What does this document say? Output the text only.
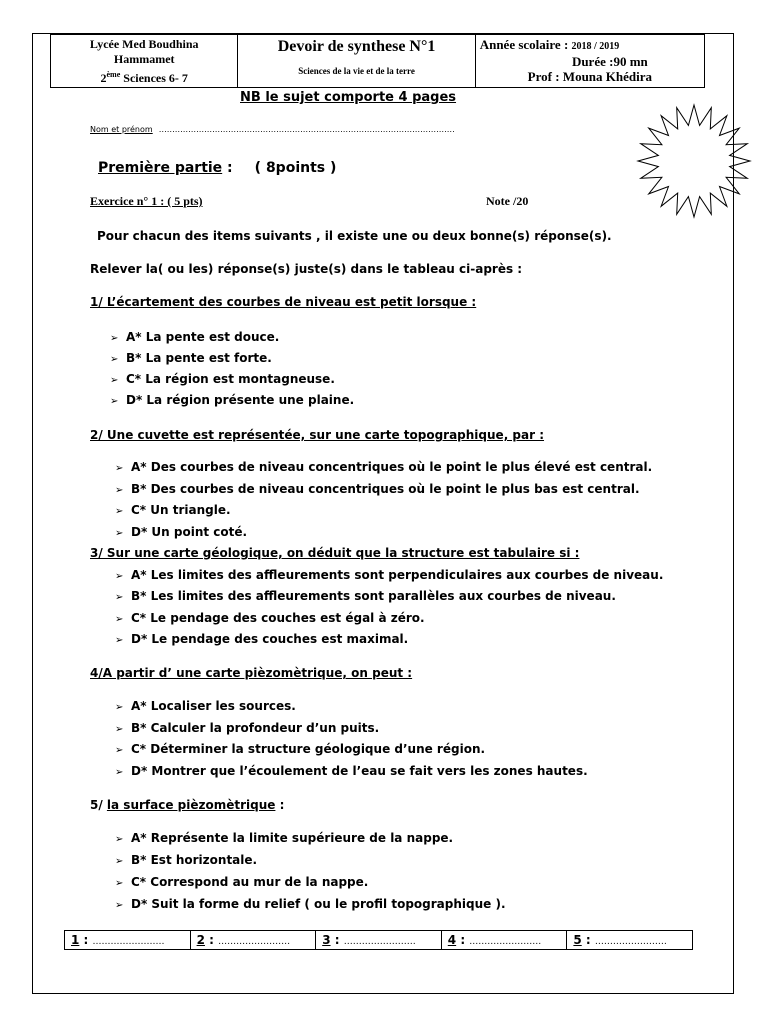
Lycée Med Boudhina
Hammamet
2ème Sciences 6- 7
Devoir de synthese N°1
Sciences de la vie et de la terre
Année scolaire : 2018 / 2019
Durée :90 mn
Prof : Mouna Khédira
NB le sujet comporte 4 pages
Nom et prénom …………………………………………………………………………………………………
Première partie : ( 8points )
Exercice n° 1 : ( 5 pts)	Note /20
Pour chacun des items suivants , il existe une ou deux bonne(s) réponse(s).
Relever la( ou les) réponse(s) juste(s) dans le tableau ci-après :
1/ L’écartement des courbes de niveau est petit lorsque :
➢ A* La pente est douce.
➢ B* La pente est forte.
➢ C* La région est montagneuse.
➢ D* La région présente une plaine.
2/ Une cuvette est représentée, sur une carte topographique, par :
➢ A* Des courbes de niveau concentriques où le point le plus élevé est central.
➢ B* Des courbes de niveau concentriques où le point le plus bas est central.
➢ C* Un triangle.
➢ D* Un point coté.
3/ Sur une carte géologique, on déduit que la structure est tabulaire si :
➢ A* Les limites des affleurements sont perpendiculaires aux courbes de niveau.
➢ B* Les limites des affleurements sont parallèles aux courbes de niveau.
➢ C* Le pendage des couches est égal à zéro.
➢ D* Le pendage des couches est maximal.
4/A partir d’ une carte pièzomètrique, on peut :
➢ A* Localiser les sources.
➢ B* Calculer la profondeur d’un puits.
➢ C* Déterminer la structure géologique d’une région.
➢ D* Montrer que l’écoulement de l’eau se fait vers les zones hautes.
5/ la surface pièzomètrique :
➢ A* Représente la limite supérieure de la nappe.
➢ B* Est horizontale.
➢ C* Correspond au mur de la nappe.
➢ D* Suit la forme du relief ( ou le profil topographique ).
1 : ……………………	2 : ……………………	3 : ……………………	4 : ……………………	5 : ……………………
